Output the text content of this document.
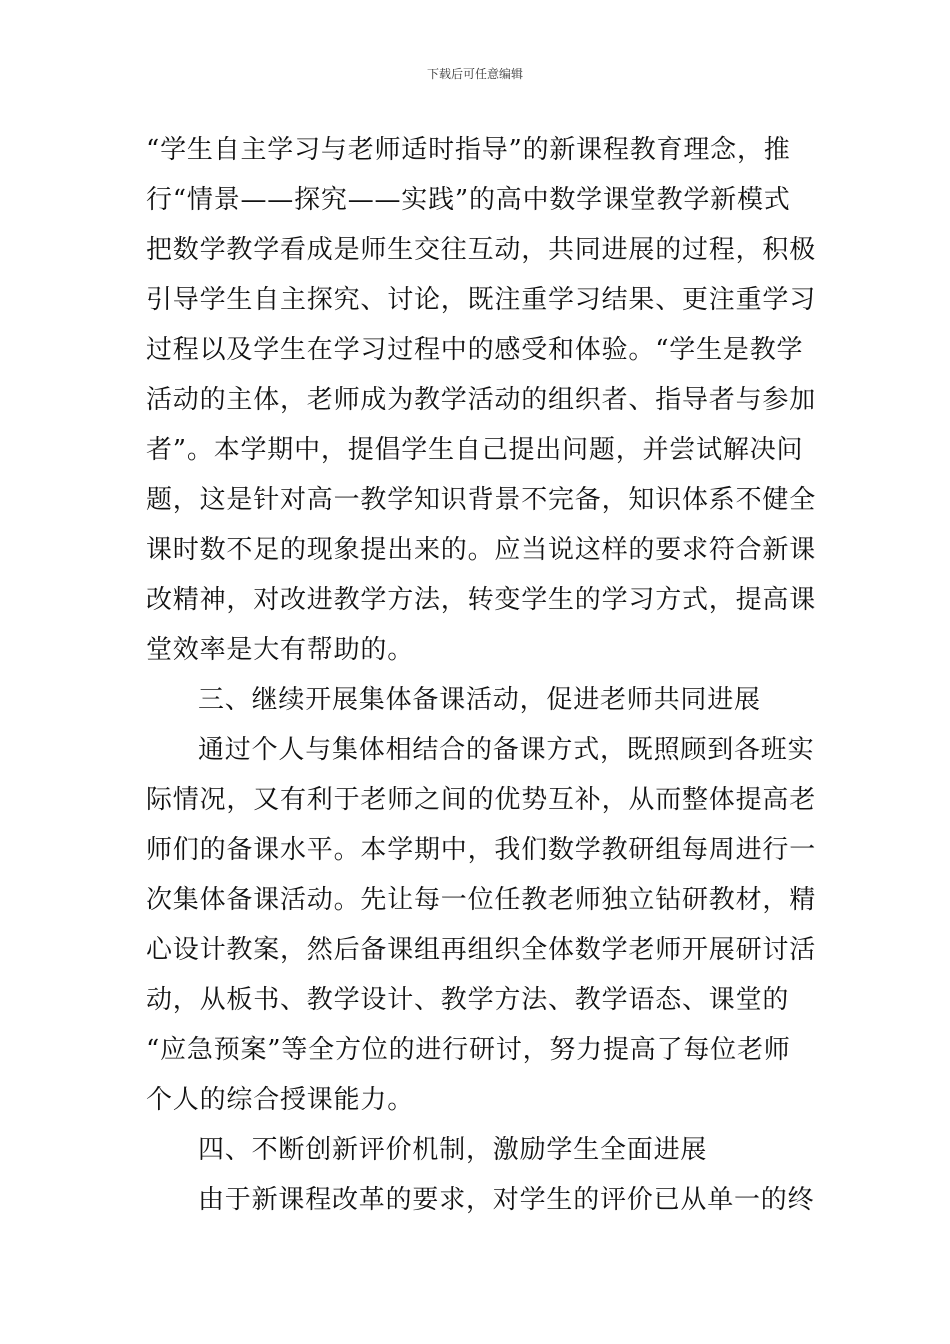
下载后可任意编辑
“学生自主学习与老师适时指导”的新课程教育理念，推
行“情景——探究——实践”的高中数学课堂教学新模式
把数学教学看成是师生交往互动，共同进展的过程，积极
引导学生自主探究、讨论，既注重学习结果、更注重学习
过程以及学生在学习过程中的感受和体验。“学生是教学
活动的主体，老师成为教学活动的组织者、指导者与参加
者”。本学期中，提倡学生自己提出问题，并尝试解决问
题，这是针对高一教学知识背景不完备，知识体系不健全
课时数不足的现象提出来的。应当说这样的要求符合新课
改精神，对改进教学方法，转变学生的学习方式，提高课
堂效率是大有帮助的。
三、继续开展集体备课活动，促进老师共同进展
通过个人与集体相结合的备课方式，既照顾到各班实
际情况，又有利于老师之间的优势互补，从而整体提高老
师们的备课水平。本学期中，我们数学教研组每周进行一
次集体备课活动。先让每一位任教老师独立钻研教材，精
心设计教案，然后备课组再组织全体数学老师开展研讨活
动，从板书、教学设计、教学方法、教学语态、课堂的
“应急预案”等全方位的进行研讨，努力提高了每位老师
个人的综合授课能力。
四、不断创新评价机制，激励学生全面进展
由于新课程改革的要求，对学生的评价已从单一的终
